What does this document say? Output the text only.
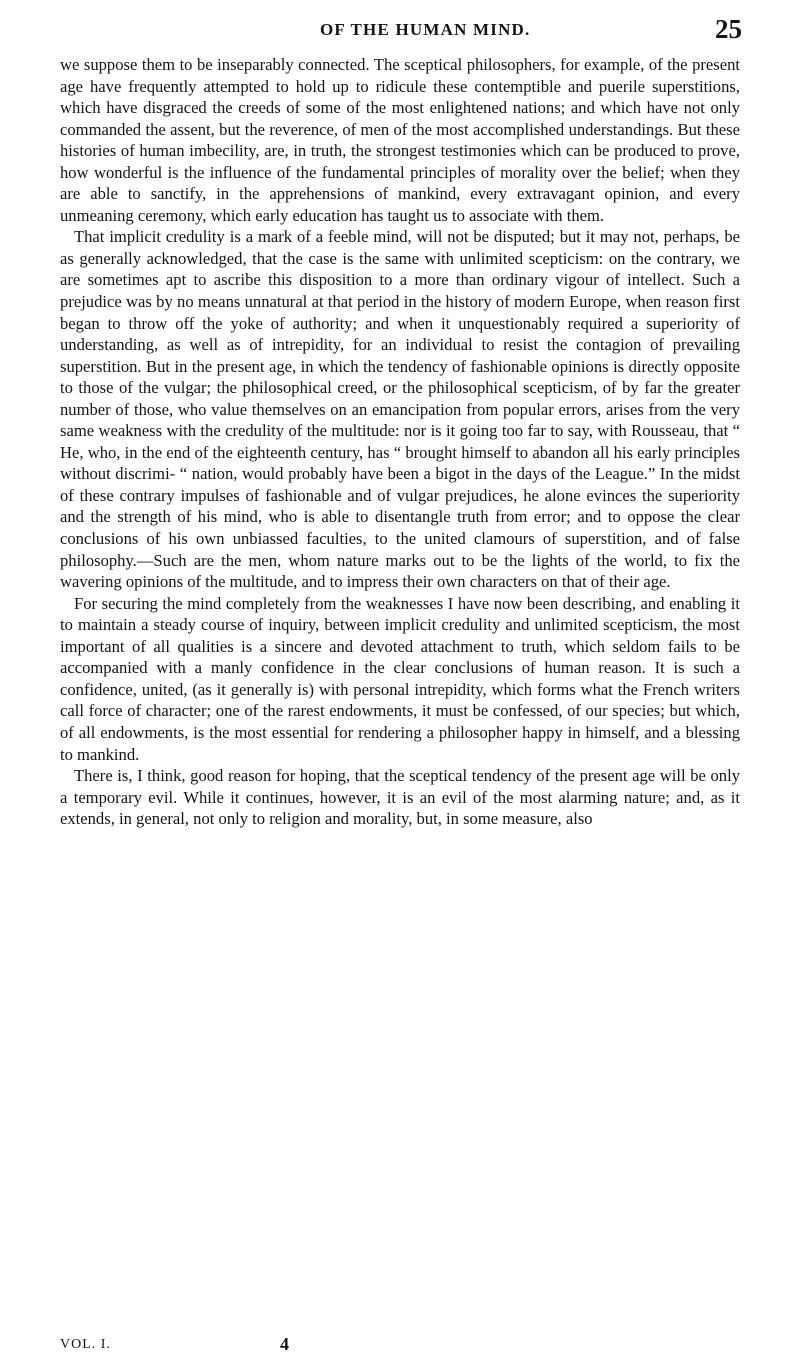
OF THE HUMAN MIND.	25

we suppose them to be inseparably connected. The sceptical philosophers, for example, of the present age have frequently attempted to hold up to ridicule these contemptible and puerile superstitions, which have disgraced the creeds of some of the most enlightened nations; and which have not only commanded the assent, but the reverence, of men of the most accomplished understandings. But these histories of human imbecility, are, in truth, the strongest testimonies which can be produced to prove, how wonderful is the influence of the fundamental principles of morality over the belief; when they are able to sanctify, in the apprehensions of mankind, every extravagant opinion, and every unmeaning ceremony, which early education has taught us to associate with them.

That implicit credulity is a mark of a feeble mind, will not be disputed; but it may not, perhaps, be as generally acknowledged, that the case is the same with unlimited scepticism: on the contrary, we are sometimes apt to ascribe this disposition to a more than ordinary vigour of intellect. Such a prejudice was by no means unnatural at that period in the history of modern Europe, when reason first began to throw off the yoke of authority; and when it unquestionably required a superiority of understanding, as well as of intrepidity, for an individual to resist the contagion of prevailing superstition. But in the present age, in which the tendency of fashionable opinions is directly opposite to those of the vulgar; the philosophical creed, or the philosophical scepticism, of by far the greater number of those, who value themselves on an emancipation from popular errors, arises from the very same weakness with the credulity of the multitude: nor is it going too far to say, with Rousseau, that “ He, who, in the end of the eighteenth century, has “ brought himself to abandon all his early principles without discrimi- “ nation, would probably have been a bigot in the days of the League.” In the midst of these contrary impulses of fashionable and of vulgar prejudices, he alone evinces the superiority and the strength of his mind, who is able to disentangle truth from error; and to oppose the clear conclusions of his own unbiassed faculties, to the united clamours of superstition, and of false philosophy.—Such are the men, whom nature marks out to be the lights of the world, to fix the wavering opinions of the multitude, and to impress their own characters on that of their age.

For securing the mind completely from the weaknesses I have now been describing, and enabling it to maintain a steady course of inquiry, between implicit credulity and unlimited scepticism, the most important of all qualities is a sincere and devoted attachment to truth, which seldom fails to be accompanied with a manly confidence in the clear conclusions of human reason. It is such a confidence, united, (as it generally is) with personal intrepidity, which forms what the French writers call force of character; one of the rarest endowments, it must be confessed, of our species; but which, of all endowments, is the most essential for rendering a philosopher happy in himself, and a blessing to mankind.

There is, I think, good reason for hoping, that the sceptical tendency of the present age will be only a temporary evil. While it continues, however, it is an evil of the most alarming nature; and, as it extends, in general, not only to religion and morality, but, in some measure, also

VOL. I.	4
